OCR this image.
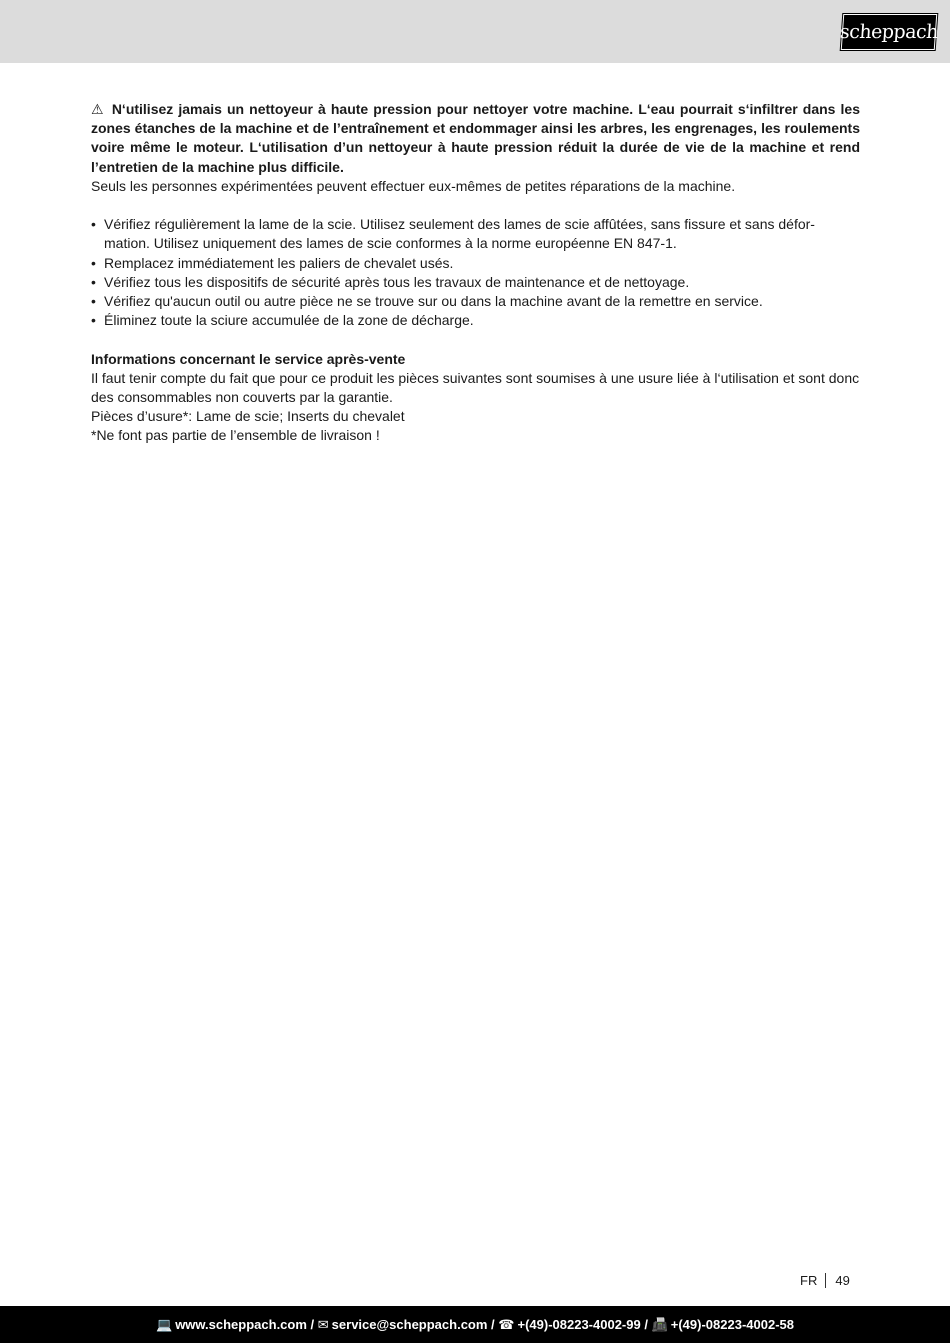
scheppach

⚠ N‘utilisez jamais un nettoyeur à haute pression pour nettoyer votre machine. L‘eau pourrait s‘infiltrer dans les zones étanches de la machine et de l’entraînement et endommager ainsi les arbres, les engrenages, les roulements voire même le moteur. L‘utilisation d’un nettoyeur à haute pression réduit la durée de vie de la machine et rend l’entretien de la machine plus difficile.

Seuls les personnes expérimentées peuvent effectuer eux-mêmes de petites réparations de la machine.

• Vérifiez régulièrement la lame de la scie. Utilisez seulement des lames de scie affûtées, sans fissure et sans défor-mation. Utilisez uniquement des lames de scie conformes à la norme européenne EN 847-1.
• Remplacez immédiatement les paliers de chevalet usés.
• Vérifiez tous les dispositifs de sécurité après tous les travaux de maintenance et de nettoyage.
• Vérifiez qu'aucun outil ou autre pièce ne se trouve sur ou dans la machine avant de la remettre en service.
• Éliminez toute la sciure accumulée de la zone de décharge.

Informations concernant le service après-vente

Il faut tenir compte du fait que pour ce produit les pièces suivantes sont soumises à une usure liée à l‘utilisation et sont donc des consommables non couverts par la garantie.

Pièces d’usure*: Lame de scie; Inserts du chevalet

*Ne font pas partie de l’ensemble de livraison !

FR	49
💻 www.scheppach.com / ✉ service@scheppach.com / ☎ +(49)-08223-4002-99 / 📠 +(49)-08223-4002-58
